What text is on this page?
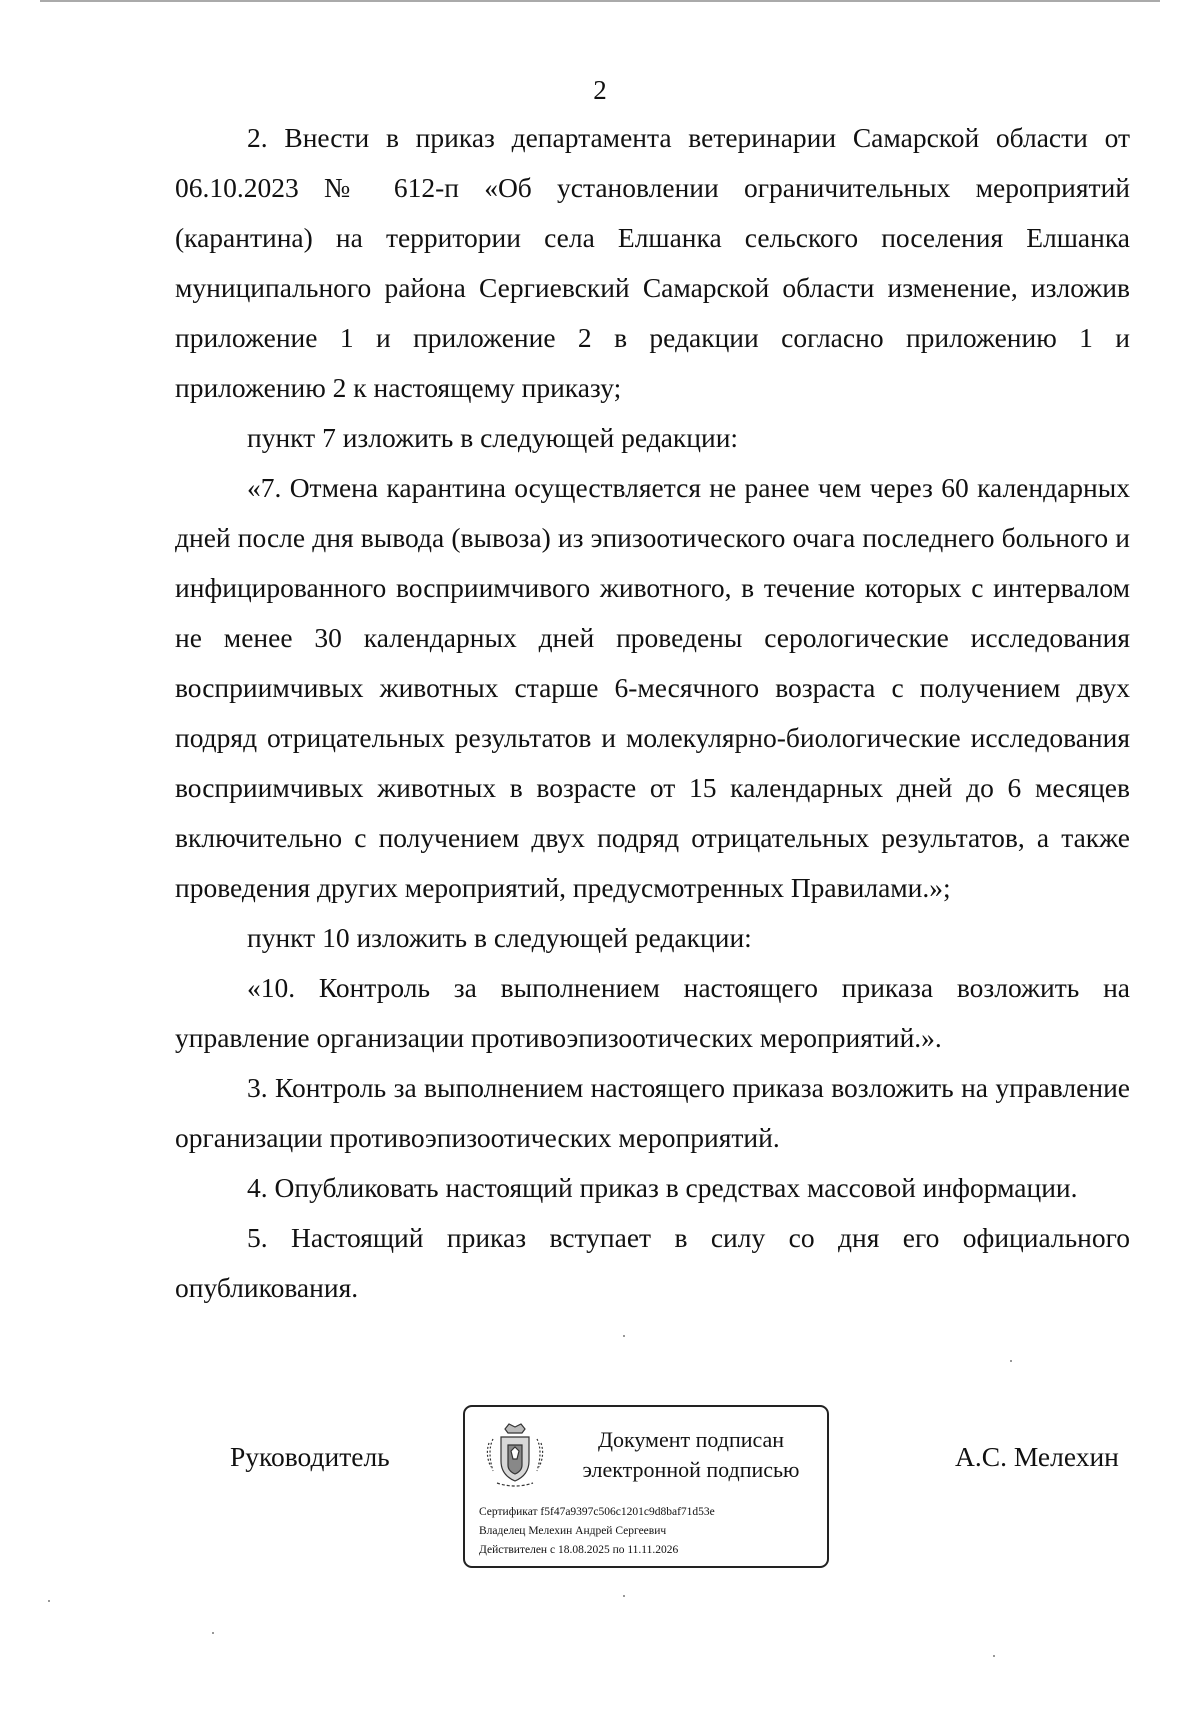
2

2. Внести в приказ департамента ветеринарии Самарской области от 06.10.2023 № 612-п «Об установлении ограничительных мероприятий (карантина) на территории села Елшанка сельского поселения Елшанка муниципального района Сергиевский Самарской области изменение, изложив приложение 1 и приложение 2 в редакции согласно приложению 1 и приложению 2 к настоящему приказу;

пункт 7 изложить в следующей редакции:

«7. Отмена карантина осуществляется не ранее чем через 60 календарных дней после дня вывода (вывоза) из эпизоотического очага последнего больного и инфицированного восприимчивого животного, в течение которых с интервалом не менее 30 календарных дней проведены серологические исследования восприимчивых животных старше 6-месячного возраста с получением двух подряд отрицательных результатов и молекулярно-биологические исследования восприимчивых животных в возрасте от 15 календарных дней до 6 месяцев включительно с получением двух подряд отрицательных результатов, а также проведения других мероприятий, предусмотренных Правилами.»;

пункт 10 изложить в следующей редакции:

«10. Контроль за выполнением настоящего приказа возложить на управление организации противоэпизоотических мероприятий.».

3. Контроль за выполнением настоящего приказа возложить на управление организации противоэпизоотических мероприятий.

4. Опубликовать настоящий приказ в средствах массовой информации.

5. Настоящий приказ вступает в силу со дня его официального опубликования.

Руководитель
Документ подписан
электронной подписью
Сертификат f5f47a9397c506c1201c9d8baf71d53e
Владелец Мелехин Андрей Сергеевич
Действителен с 18.08.2025 по 11.11.2026
А.С. Мелехин
